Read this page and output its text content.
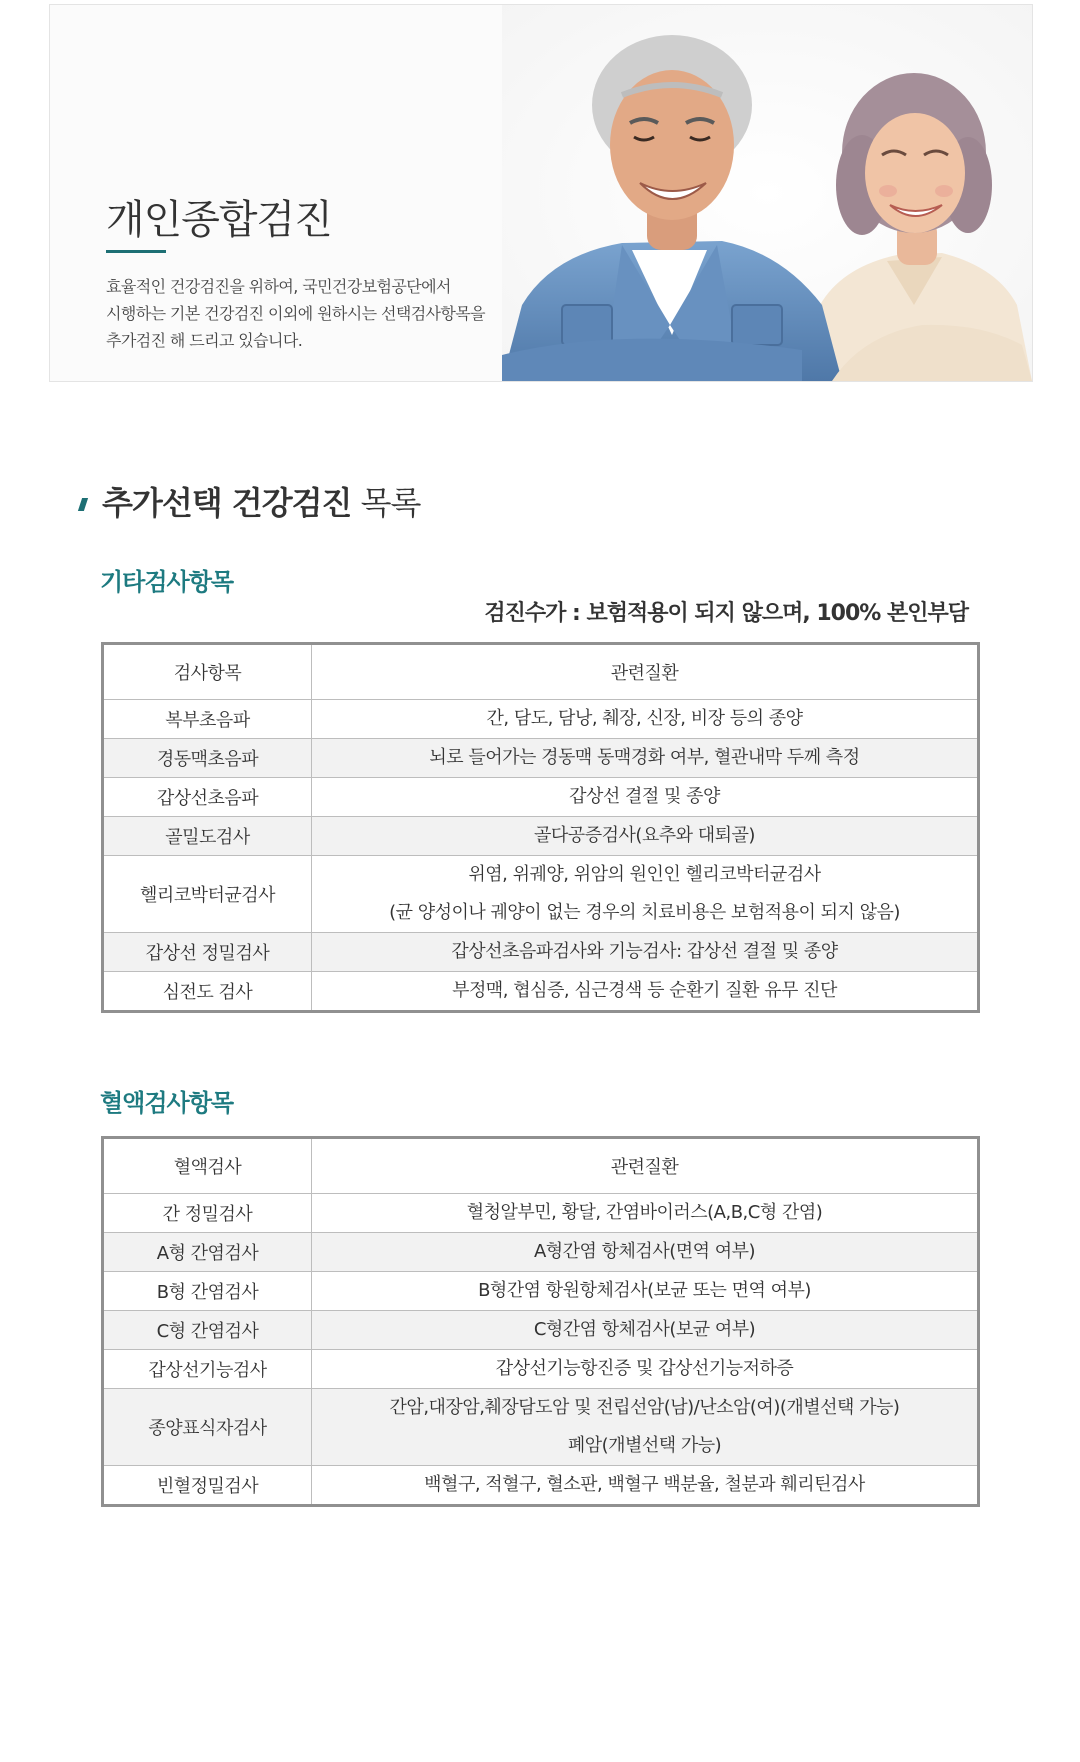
개인종합검진

효율적인 건강검진을 위하여, 국민건강보험공단에서
시행하는 기본 건강검진 이외에 원하시는 선택검사항목을
추가검진 해 드리고 있습니다.

추가선택 건강검진 목록
기타검사항목
검진수가 : 보험적용이 되지 않으며, 100% 본인부담
검사항목	관련질환
복부초음파	간, 담도, 담낭, 췌장, 신장, 비장 등의 종양

경동맥초음파	뇌로 들어가는 경동맥 동맥경화 여부, 혈관내막 두께 측정

갑상선초음파	갑상선 결절 및 종양

골밀도검사	골다공증검사(요추와 대퇴골)

헬리코박터균검사	위염, 위궤양, 위암의 원인인 헬리코박터균검사
(균 양성이나 궤양이 없는 경우의 치료비용은 보험적용이 되지 않음)

갑상선 정밀검사	갑상선초음파검사와 기능검사: 갑상선 결절 및 종양

심전도 검사	부정맥, 협심증, 심근경색 등 순환기 질환 유무 진단
혈액검사항목
혈액검사	관련질환
간 정밀검사	혈청알부민, 황달, 간염바이러스(A,B,C형 간염)

A형 간염검사	A형간염 항체검사(면역 여부)

B형 간염검사	B형간염 항원항체검사(보균 또는 면역 여부)

C형 간염검사	C형간염 항체검사(보균 여부)

갑상선기능검사	갑상선기능항진증 및 갑상선기능저하증

종양표식자검사	간암,대장암,췌장담도암 및 전립선암(남)/난소암(여)(개별선택 가능)
폐암(개별선택 가능)

빈혈정밀검사	백혈구, 적혈구, 혈소판, 백혈구 백분율, 철분과 훼리틴검사
